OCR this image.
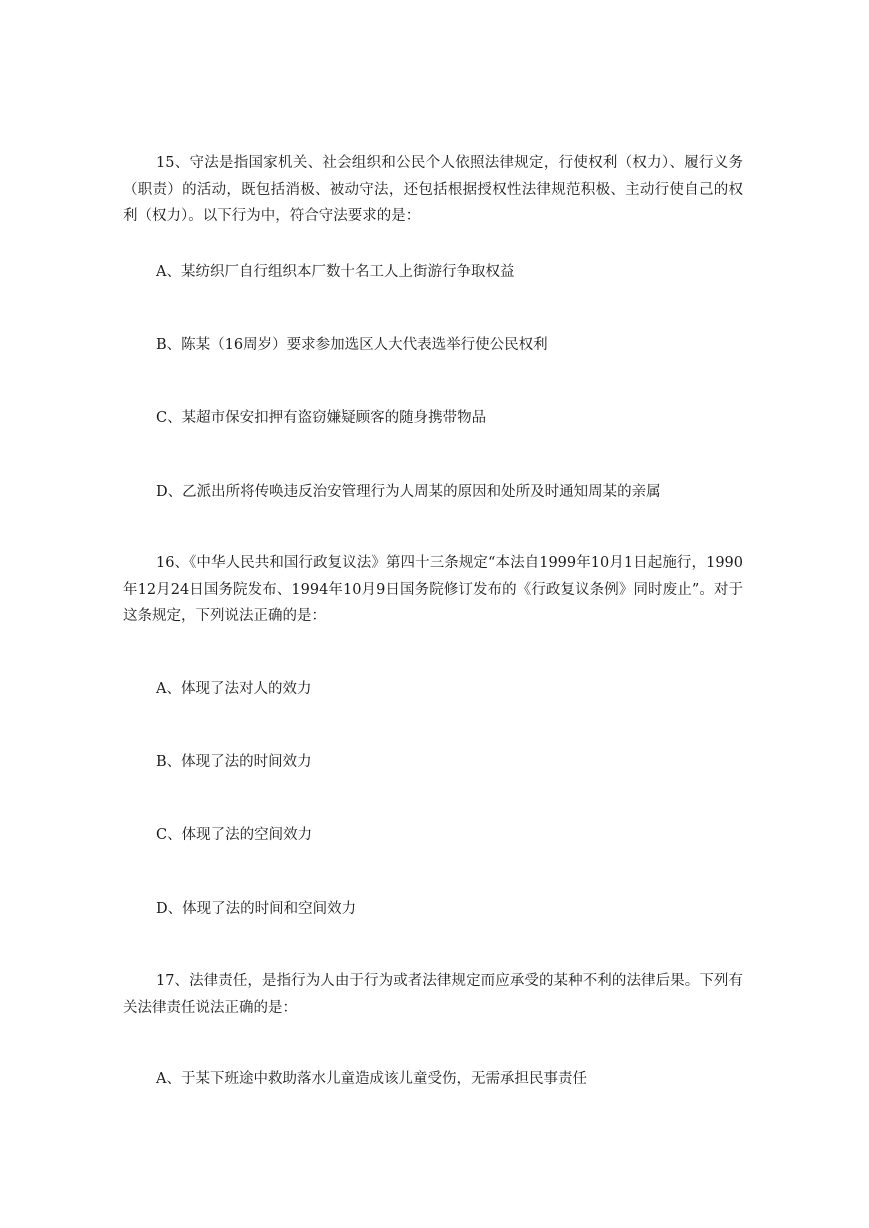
15、守法是指国家机关、社会组织和公民个人依照法律规定，行使权利（权力）、履行义务（职责）的活动，既包括消极、被动守法，还包括根据授权性法律规范积极、主动行使自己的权利（权力）。以下行为中，符合守法要求的是：

A、某纺织厂自行组织本厂数十名工人上街游行争取权益

B、陈某（16周岁）要求参加选区人大代表选举行使公民权利

C、某超市保安扣押有盗窃嫌疑顾客的随身携带物品

D、乙派出所将传唤违反治安管理行为人周某的原因和处所及时通知周某的亲属

16、《中华人民共和国行政复议法》第四十三条规定“本法自1999年10月1日起施行，1990年12月24日国务院发布、1994年10月9日国务院修订发布的《行政复议条例》同时废止”。对于这条规定，下列说法正确的是：

A、体现了法对人的效力

B、体现了法的时间效力

C、体现了法的空间效力

D、体现了法的时间和空间效力

17、法律责任，是指行为人由于行为或者法律规定而应承受的某种不利的法律后果。下列有关法律责任说法正确的是：

A、于某下班途中救助落水儿童造成该儿童受伤，无需承担民事责任
